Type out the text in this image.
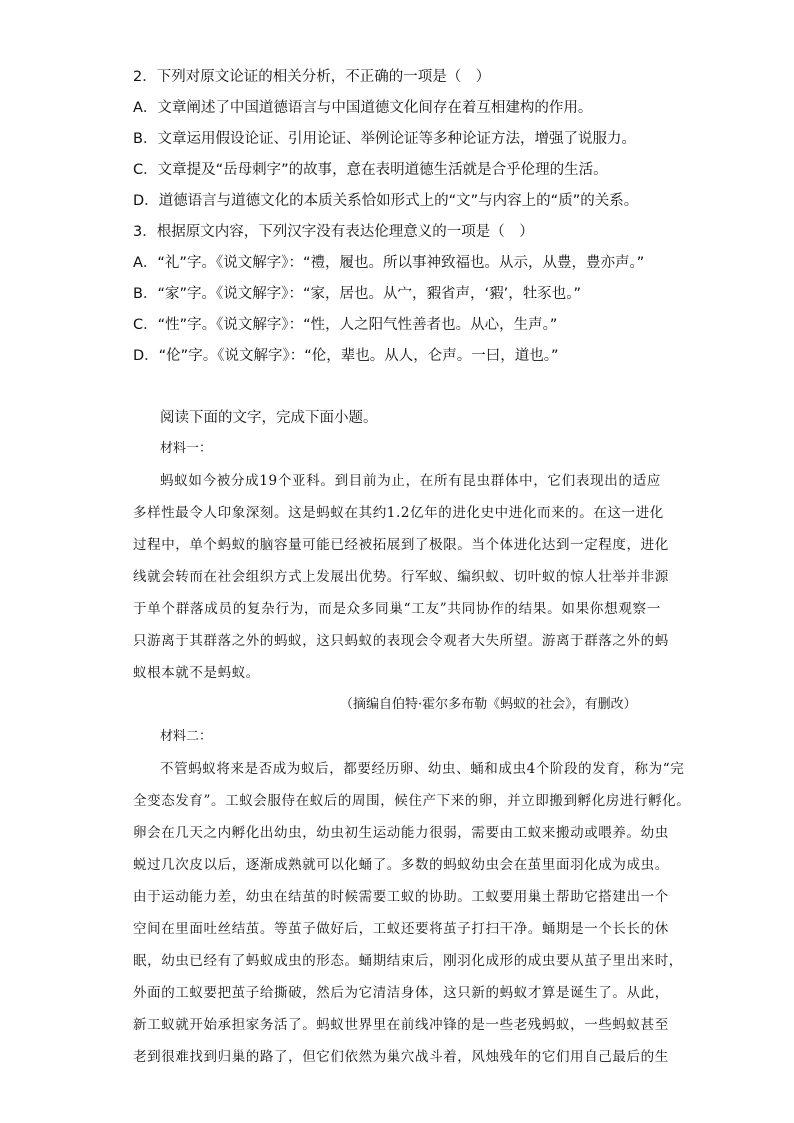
2．下列对原文论证的相关分析，不正确的一项是（　）
A．文章阐述了中国道德语言与中国道德文化间存在着互相建构的作用。
B．文章运用假设论证、引用论证、举例论证等多种论证方法，增强了说服力。
C．文章提及“岳母刺字”的故事，意在表明道德生活就是合乎伦理的生活。
D．道德语言与道德文化的本质关系恰如形式上的“文”与内容上的“质”的关系。
3．根据原文内容，下列汉字没有表达伦理意义的一项是（　）
A．“礼”字。《说文解字》：“禮，履也。所以事神致福也。从示，从豊，豊亦声。”
B．“家”字。《说文解字》：“家，居也。从宀，豭省声，‘豭’，牡豕也。”
C．“性”字。《说文解字》：“性，人之阳气性善者也。从心，生声。”
D．“伦”字。《说文解字》：“伦，辈也。从人，仑声。一曰，道也。”
阅读下面的文字，完成下面小题。
材料一：
蚂蚁如今被分成19个亚科。到目前为止，在所有昆虫群体中，它们表现出的适应
多样性最令人印象深刻。这是蚂蚁在其约1.2亿年的进化史中进化而来的。在这一进化
过程中，单个蚂蚁的脑容量可能已经被拓展到了极限。当个体进化达到一定程度，进化
线就会转而在社会组织方式上发展出优势。行军蚁、编织蚁、切叶蚁的惊人壮举并非源
于单个群落成员的复杂行为，而是众多同巢“工友”共同协作的结果。如果你想观察一
只游离于其群落之外的蚂蚁，这只蚂蚁的表现会令观者大失所望。游离于群落之外的蚂
蚁根本就不是蚂蚁。
（摘编自伯特·霍尔多布勒《蚂蚁的社会》，有删改）
材料二：
不管蚂蚁将来是否成为蚁后，都要经历卵、幼虫、蛹和成虫4个阶段的发育，称为“完
全变态发育”。工蚁会服侍在蚁后的周围，候住产下来的卵，并立即搬到孵化房进行孵化。
卵会在几天之内孵化出幼虫，幼虫初生运动能力很弱，需要由工蚁来搬动或喂养。幼虫
蜕过几次皮以后，逐渐成熟就可以化蛹了。多数的蚂蚁幼虫会在茧里面羽化成为成虫。
由于运动能力差，幼虫在结茧的时候需要工蚁的协助。工蚁要用巢土帮助它搭建出一个
空间在里面吐丝结茧。等茧子做好后，工蚁还要将茧子打扫干净。蛹期是一个长长的休
眠，幼虫已经有了蚂蚁成虫的形态。蛹期结束后，刚羽化成形的成虫要从茧子里出来时，
外面的工蚁要把茧子给撕破，然后为它清洁身体，这只新的蚂蚁才算是诞生了。从此，
新工蚁就开始承担家务活了。蚂蚁世界里在前线冲锋的是一些老残蚂蚁，一些蚂蚁甚至
老到很难找到归巢的路了，但它们依然为巢穴战斗着，风烛残年的它们用自己最后的生
